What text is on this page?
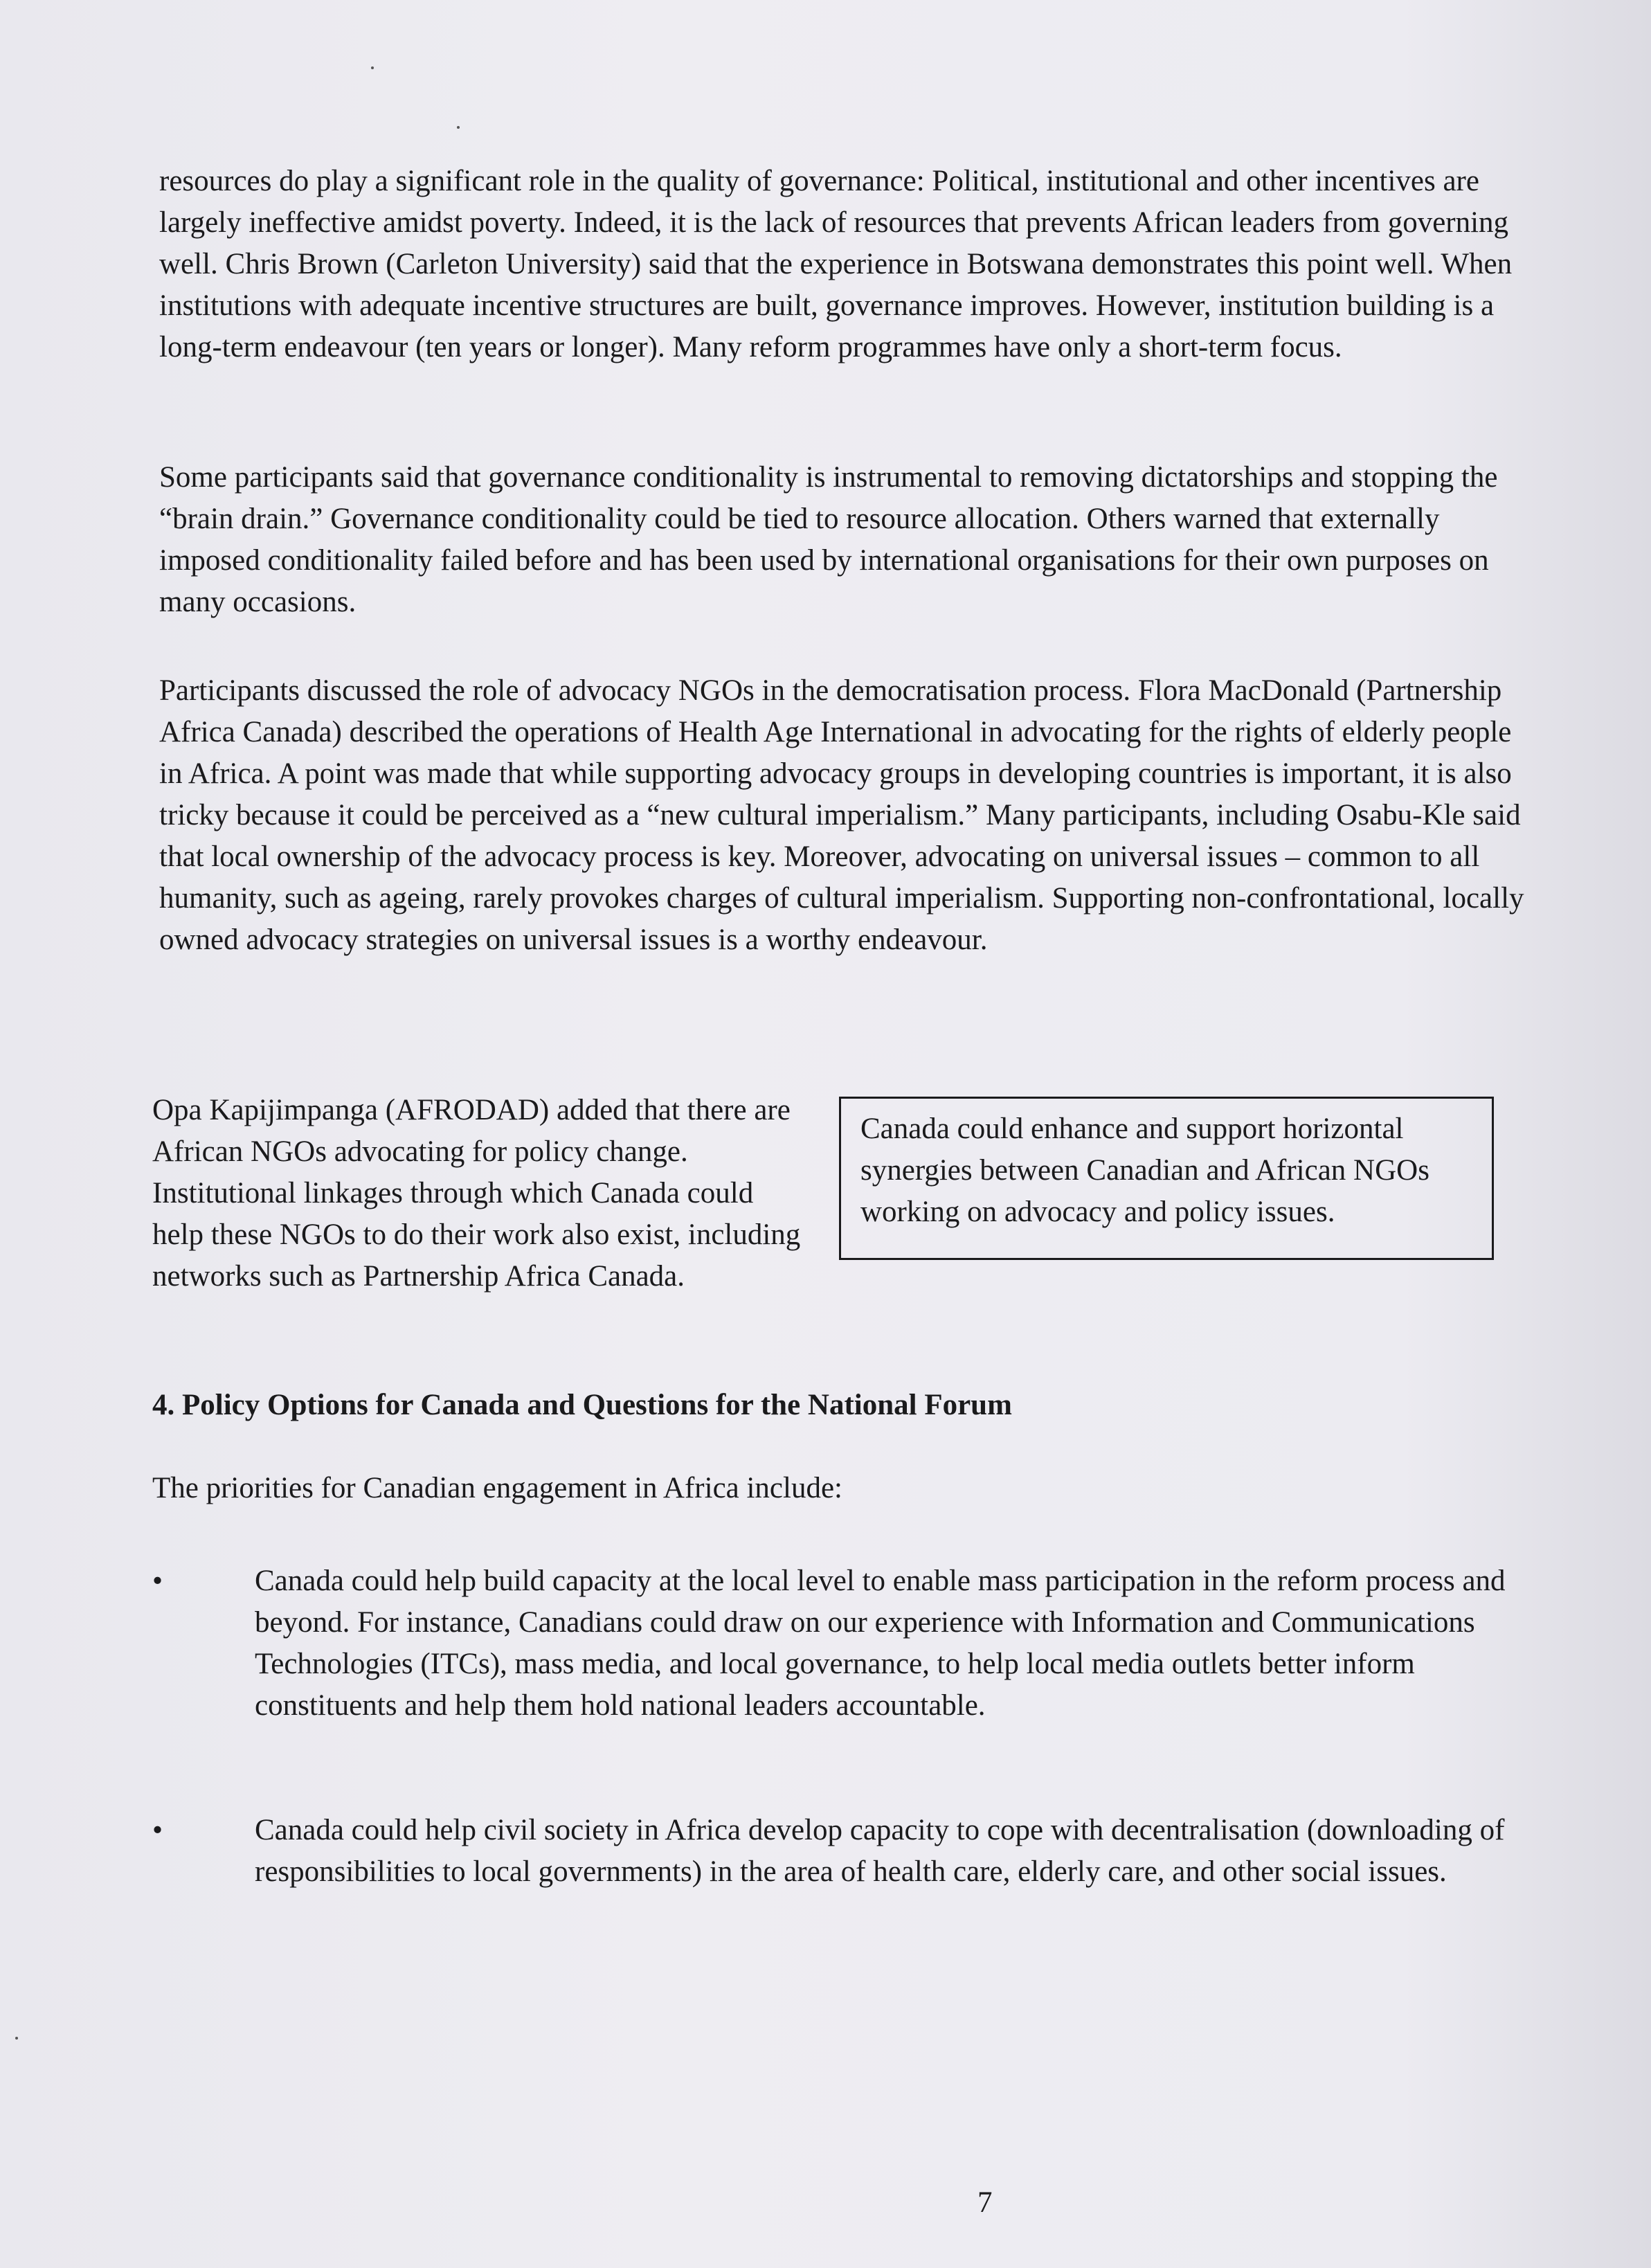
resources do play a significant role in the quality of governance: Political, institutional and other incentives are largely ineffective amidst poverty. Indeed, it is the lack of resources that prevents African leaders from governing well. Chris Brown (Carleton University) said that the experience in Botswana demonstrates this point well. When institutions with adequate incentive structures are built, governance improves. However, institution building is a long-term endeavour (ten years or longer). Many reform programmes have only a short-term focus.

Some participants said that governance conditionality is instrumental to removing dictatorships and stopping the “brain drain.” Governance conditionality could be tied to resource allocation. Others warned that externally imposed conditionality failed before and has been used by international organisations for their own purposes on many occasions.

Participants discussed the role of advocacy NGOs in the democratisation process. Flora MacDonald (Partnership Africa Canada) described the operations of Health Age International in advocating for the rights of elderly people in Africa. A point was made that while supporting advocacy groups in developing countries is important, it is also tricky because it could be perceived as a “new cultural imperialism.” Many participants, including Osabu-Kle said that local ownership of the advocacy process is key. Moreover, advocating on universal issues – common to all humanity, such as ageing, rarely provokes charges of cultural imperialism. Supporting non-confrontational, locally owned advocacy strategies on universal issues is a worthy endeavour.

Opa Kapijimpanga (AFRODAD) added that there are African NGOs advocating for policy change. Institutional linkages through which Canada could help these NGOs to do their work also exist, including networks such as Partnership Africa Canada.

Canada could enhance and support horizontal synergies between Canadian and African NGOs working on advocacy and policy issues.

4. Policy Options for Canada and Questions for the National Forum

The priorities for Canadian engagement in Africa include:

•	Canada could help build capacity at the local level to enable mass participation in the reform process and beyond. For instance, Canadians could draw on our experience with Information and Communications Technologies (ITCs), mass media, and local governance, to help local media outlets better inform constituents and help them hold national leaders accountable.

•	Canada could help civil society in Africa develop capacity to cope with decentralisation (downloading of responsibilities to local governments) in the area of health care, elderly care, and other social issues.

7
